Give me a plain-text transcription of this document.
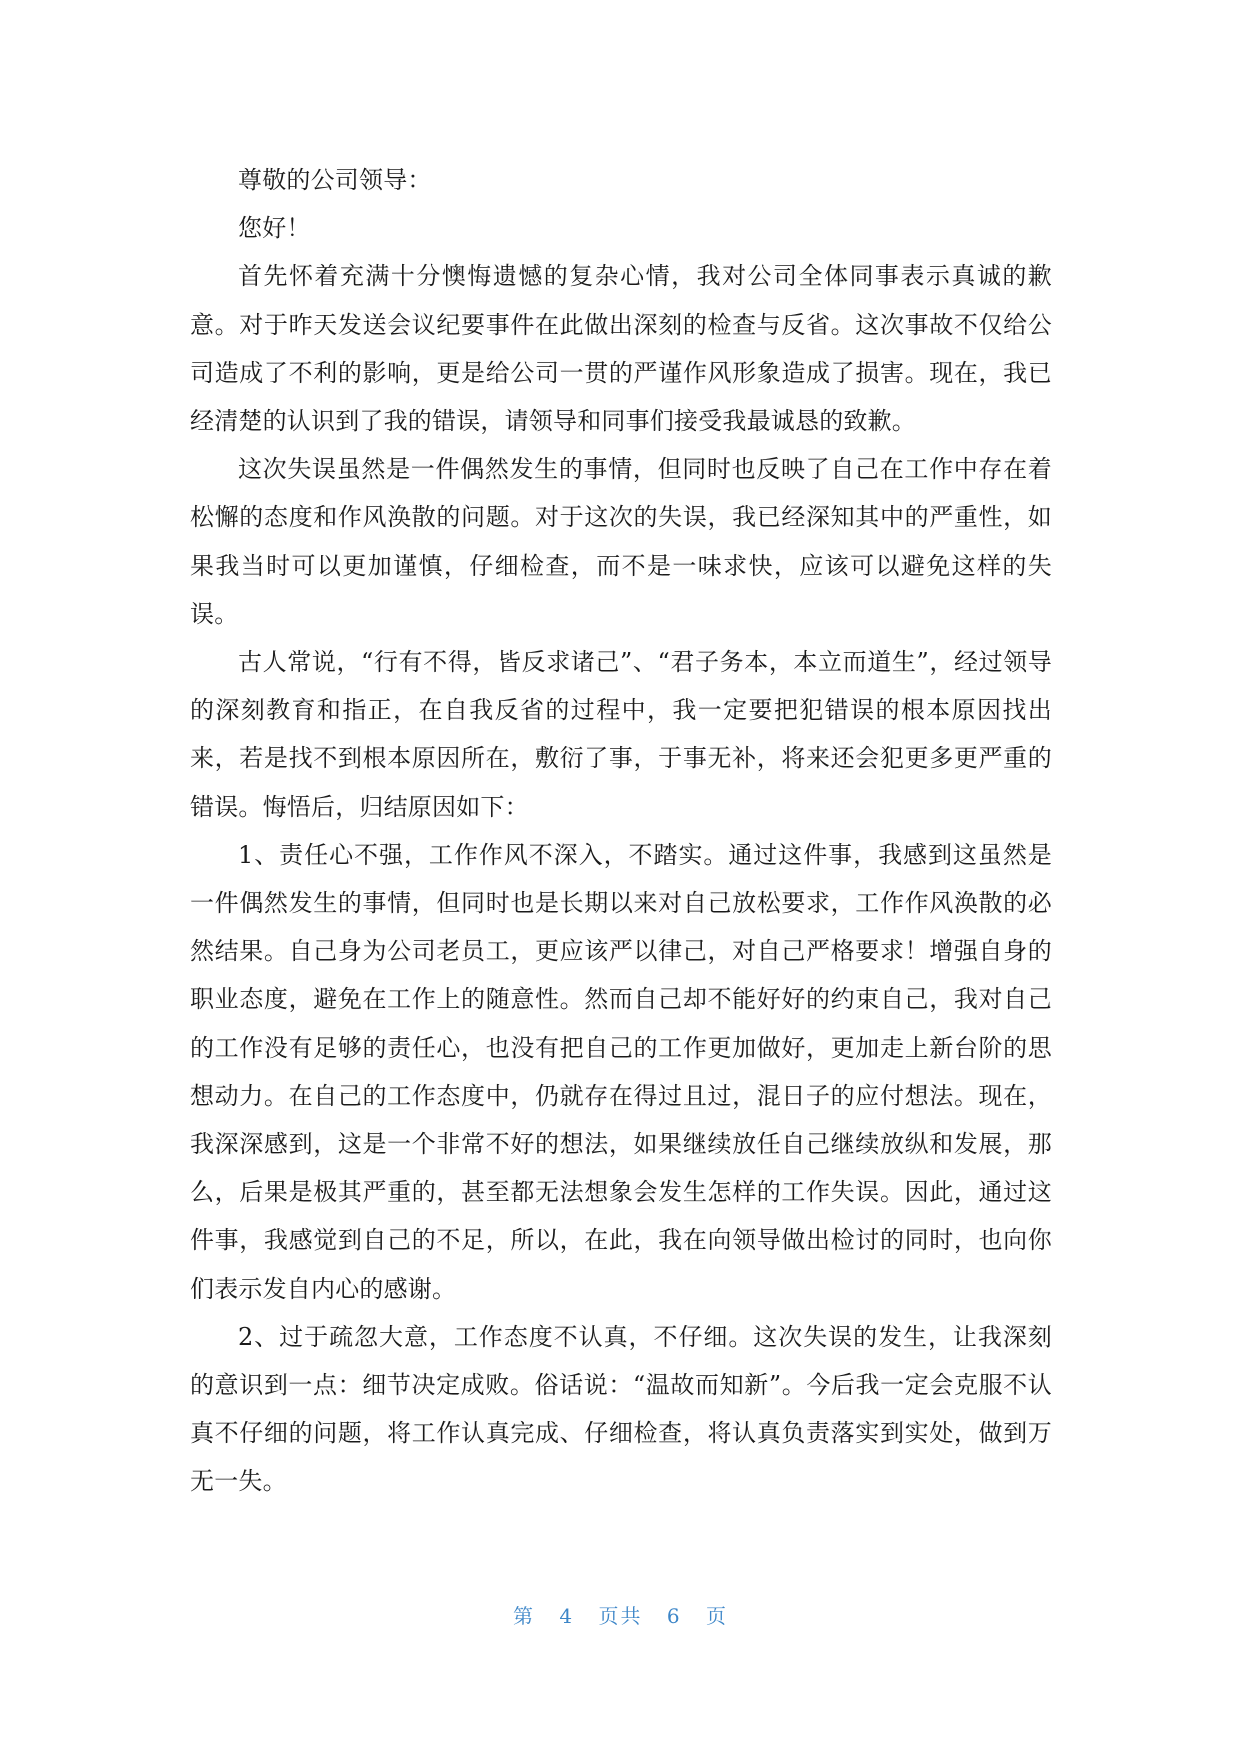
尊敬的公司领导：

您好！

首先怀着充满十分懊悔遗憾的复杂心情，我对公司全体同事表示真诚的歉意。对于昨天发送会议纪要事件在此做出深刻的检查与反省。这次事故不仅给公司造成了不利的影响，更是给公司一贯的严谨作风形象造成了损害。现在，我已经清楚的认识到了我的错误，请领导和同事们接受我最诚恳的致歉。

这次失误虽然是一件偶然发生的事情，但同时也反映了自己在工作中存在着松懈的态度和作风涣散的问题。对于这次的失误，我已经深知其中的严重性，如果我当时可以更加谨慎，仔细检查，而不是一味求快，应该可以避免这样的失误。

古人常说，“行有不得，皆反求诸己”、“君子务本，本立而道生”，经过领导的深刻教育和指正，在自我反省的过程中，我一定要把犯错误的根本原因找出来，若是找不到根本原因所在，敷衍了事，于事无补，将来还会犯更多更严重的错误。悔悟后，归结原因如下：

1、责任心不强，工作作风不深入，不踏实。通过这件事，我感到这虽然是一件偶然发生的事情，但同时也是长期以来对自己放松要求，工作作风涣散的必然结果。自己身为公司老员工，更应该严以律己，对自己严格要求！增强自身的职业态度，避免在工作上的随意性。然而自己却不能好好的约束自己，我对自己的工作没有足够的责任心，也没有把自己的工作更加做好，更加走上新台阶的思想动力。在自己的工作态度中，仍就存在得过且过，混日子的应付想法。现在，我深深感到，这是一个非常不好的想法，如果继续放任自己继续放纵和发展，那么，后果是极其严重的，甚至都无法想象会发生怎样的工作失误。因此，通过这件事，我感觉到自己的不足，所以，在此，我在向领导做出检讨的同时，也向你们表示发自内心的感谢。

2、过于疏忽大意，工作态度不认真，不仔细。这次失误的发生，让我深刻的意识到一点：细节决定成败。俗话说：“温故而知新”。今后我一定会克服不认真不仔细的问题，将工作认真完成、仔细检查，将认真负责落实到实处，做到万无一失。

第 4 页共 6 页
